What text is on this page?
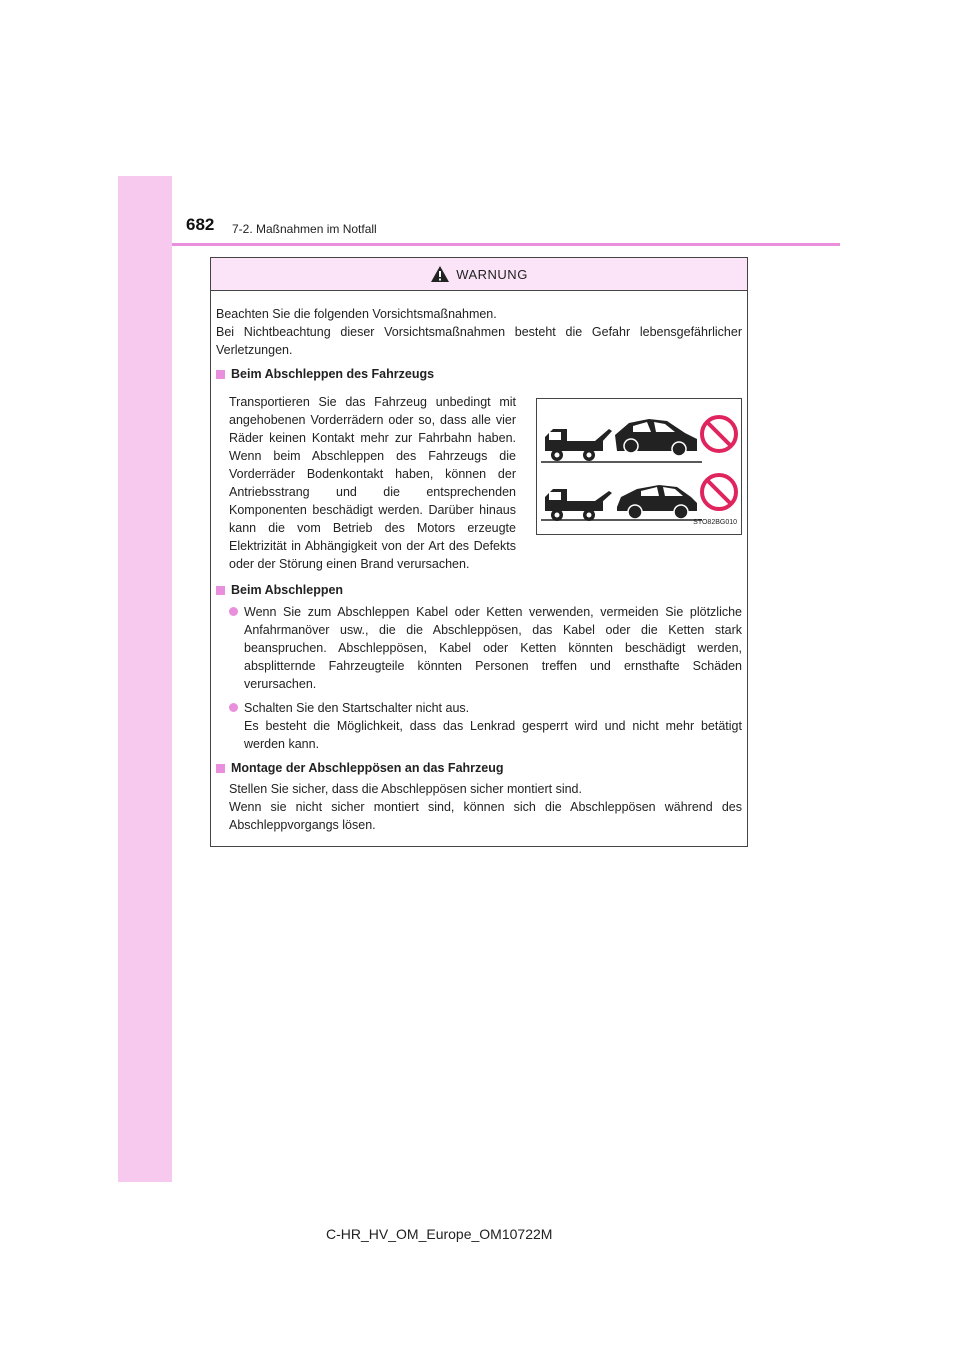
682 7-2. Maßnahmen im Notfall
WARNUNG

Beachten Sie die folgenden Vorsichtsmaßnahmen.

Bei Nichtbeachtung dieser Vorsichtsmaßnahmen besteht die Gefahr lebensgefährlicher Verletzungen.

Beim Abschleppen des Fahrzeugs
Transportieren Sie das Fahrzeug unbedingt mit angehobenen Vorderrädern oder so, dass alle vier Räder keinen Kontakt mehr zur Fahrbahn haben. Wenn beim Abschleppen des Fahrzeugs die Vorderräder Bodenkontakt haben, können der Antriebsstrang und die entsprechenden Komponenten beschädigt werden. Darüber hinaus kann die vom Betrieb des Motors erzeugte Elektrizität in Abhängigkeit von der Art des Defekts oder der Störung einen Brand verursachen.
STO82BG010
Beim Abschleppen
Wenn Sie zum Abschleppen Kabel oder Ketten verwenden, vermeiden Sie plötzliche Anfahrmanöver usw., die die Abschleppösen, das Kabel oder die Ketten stark beanspruchen. Abschleppösen, Kabel oder Ketten könnten beschädigt werden, absplitternde Fahrzeugteile könnten Personen treffen und ernsthafte Schäden verursachen.
Schalten Sie den Startschalter nicht aus.
Es besteht die Möglichkeit, dass das Lenkrad gesperrt wird und nicht mehr betätigt werden kann.
Montage der Abschleppösen an das Fahrzeug

Stellen Sie sicher, dass die Abschleppösen sicher montiert sind.

Wenn sie nicht sicher montiert sind, können sich die Abschleppösen während des Abschleppvorgangs lösen.

C-HR_HV_OM_Europe_OM10722M
